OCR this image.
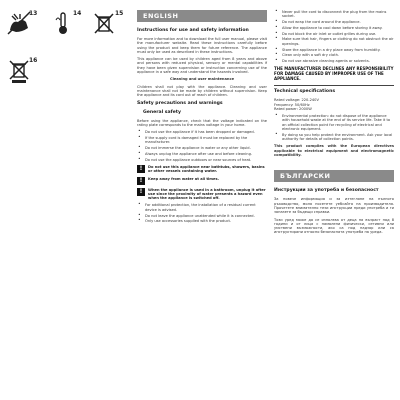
13	14	15
16
ENGLISH
Instructions for use and safety information

For more information and to download the full user manual, please visit the manufacturer website. Read these instructions carefully before using the product and keep them for future reference. The appliance must only be used as described in these instructions.

This appliance can be used by children aged from 8 years and above and persons with reduced physical, sensory or mental capabilities if they have been given supervision or instruction concerning use of the appliance in a safe way and understand the hazards involved.

Cleaning and user maintenance

Children shall not play with the appliance. Cleaning and user maintenance shall not be made by children without supervision. Keep the appliance and its cord out of reach of children.

Safety precautions and warnings
General safety

Before using the appliance, check that the voltage indicated on the rating plate corresponds to the mains voltage in your home.

• Do not use the appliance if it has been dropped or damaged.
• If the supply cord is damaged it must be replaced by the manufacturer.
• Do not immerse the appliance in water or any other liquid.
• Always unplug the appliance after use and before cleaning.
• Do not use the appliance outdoors or near sources of heat.
!	Do not use this appliance near bathtubs, showers, basins or other vessels containing water.
!	Keep away from water at all times.
!	When the appliance is used in a bathroom, unplug it after use since the proximity of water presents a hazard even when the appliance is switched off.
• For additional protection, the installation of a residual current device is advised.
• Do not leave the appliance unattended while it is connected.
• Only use accessories supplied with the product.
• Never pull the cord to disconnect the plug from the mains socket.
• Do not wrap the cord around the appliance.
• Allow the appliance to cool down before storing it away.
• Do not block the air inlet or outlet grilles during use.
• Make sure that hair, fingers or clothing do not obstruct the air openings.
• Store the appliance in a dry place away from humidity.
• Clean only with a soft dry cloth.
• Do not use abrasive cleaning agents or solvents.
THE MANUFACTURER DECLINES ANY RESPONSIBILITY FOR DAMAGE CAUSED BY IMPROPER USE OF THE APPLIANCE.
Technical specifications

Rated voltage: 220-240V

Frequency: 50/60Hz

Rated power: 2000W

• Environmental protection: do not dispose of the appliance with household waste at the end of its service life. Take it to an official collection point for recycling of electrical and electronic equipment.
• By doing so you help protect the environment. Ask your local authority for details of collection points.

This product complies with the European directives applicable to electrical equipment and electromagnetic compatibility.

БЪЛГАРСКИ
Инструкции за употреба и безопасност

За повече информация и за изтегляне на пълното ръководство, моля посетете уебсайта на производителя. Прочетете внимателно тези инструкции преди употреба и ги запазете за бъдещи справки.

Този уред може да се използва от деца на възраст над 8 години и от лица с намалени физически, сетивни или умствени възможности, ако са под надзор или са инструктирани относно безопасната употреба на уреда.
